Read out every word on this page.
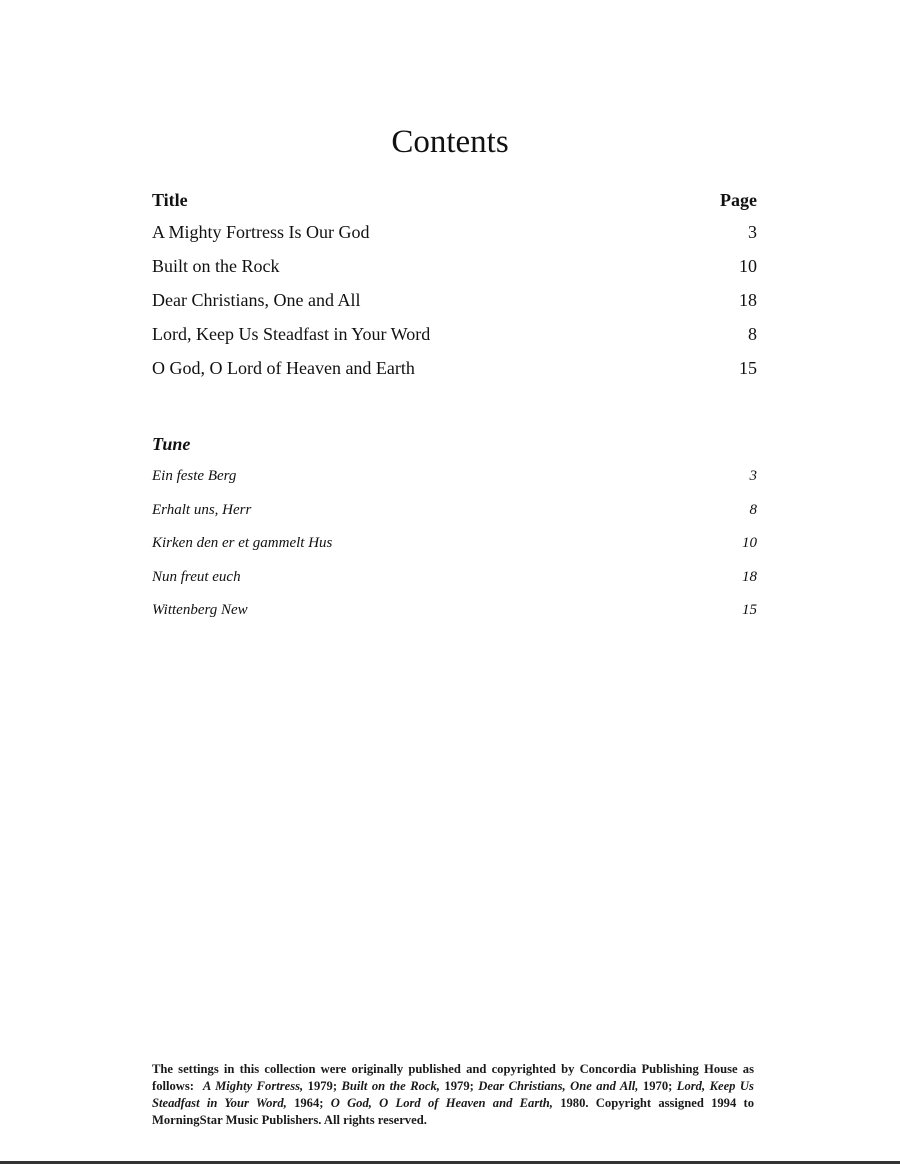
Contents
Title	Page
A Mighty Fortress Is Our God	3
Built on the Rock	10
Dear Christians, One and All	18
Lord, Keep Us Steadfast in Your Word	8
O God, O Lord of Heaven and Earth	15
Tune
Ein feste Berg	3
Erhalt uns, Herr	8
Kirken den er et gammelt Hus	10
Nun freut euch	18
Wittenberg New	15
The settings in this collection were originally published and copyrighted by Concordia Publishing House as follows: A Mighty Fortress, 1979; Built on the Rock, 1979; Dear Christians, One and All, 1970; Lord, Keep Us Steadfast in Your Word, 1964; O God, O Lord of Heaven and Earth, 1980. Copyright assigned 1994 to MorningStar Music Publishers. All rights reserved.
